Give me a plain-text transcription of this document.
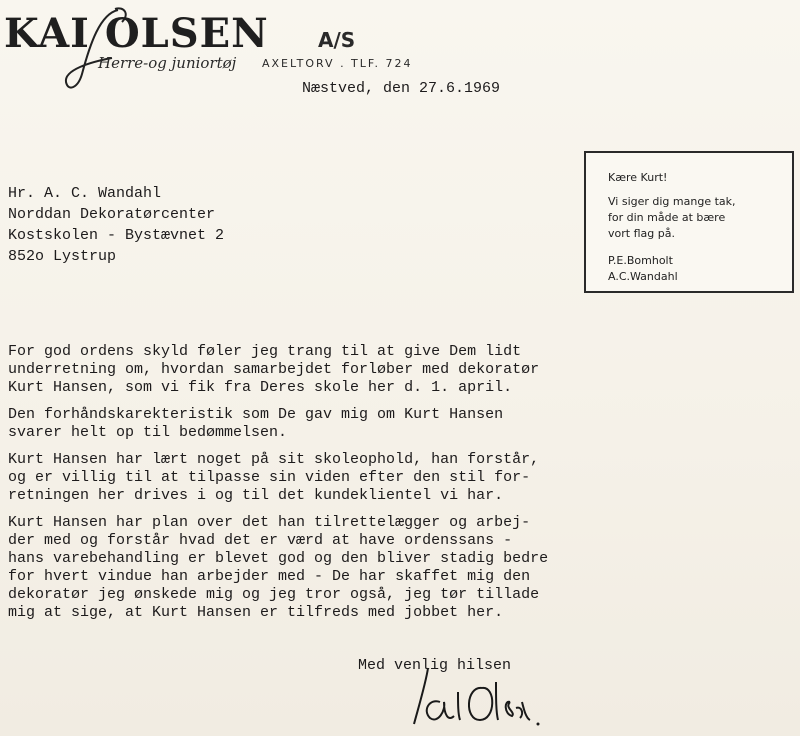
KAI OLSEN A/S
Herre-og juniortøj AXELTORV . TLF. 724
Næstved, den 27.6.1969
Hr. A. C. Wandahl
Norddan Dekoratørcenter
Kostskolen - Bystævnet 2
852o Lystrup
Kære Kurt!
Vi siger dig mange tak,
for din måde at bære
vort flag på.
P.E.Bomholt
A.C.Wandahl
For god ordens skyld føler jeg trang til at give Dem lidt
underretning om, hvordan samarbejdet forløber med dekoratør
Kurt Hansen, som vi fik fra Deres skole her d. 1. april.
Den forhåndskarekteristik som De gav mig om Kurt Hansen
svarer helt op til bedømmelsen.
Kurt Hansen har lært noget på sit skoleophold, han forstår,
og er villig til at tilpasse sin viden efter den stil for-
retningen her drives i og til det kundeklientel vi har.
Kurt Hansen har plan over det han tilrettelægger og arbej-
der med og forstår hvad det er værd at have ordenssans -
hans varebehandling er blevet god og den bliver stadig bedre
for hvert vindue han arbejder med - De har skaffet mig den
dekoratør jeg ønskede mig og jeg tror også, jeg tør tillade
mig at sige, at Kurt Hansen er tilfreds med jobbet her.
Med venlig hilsen
